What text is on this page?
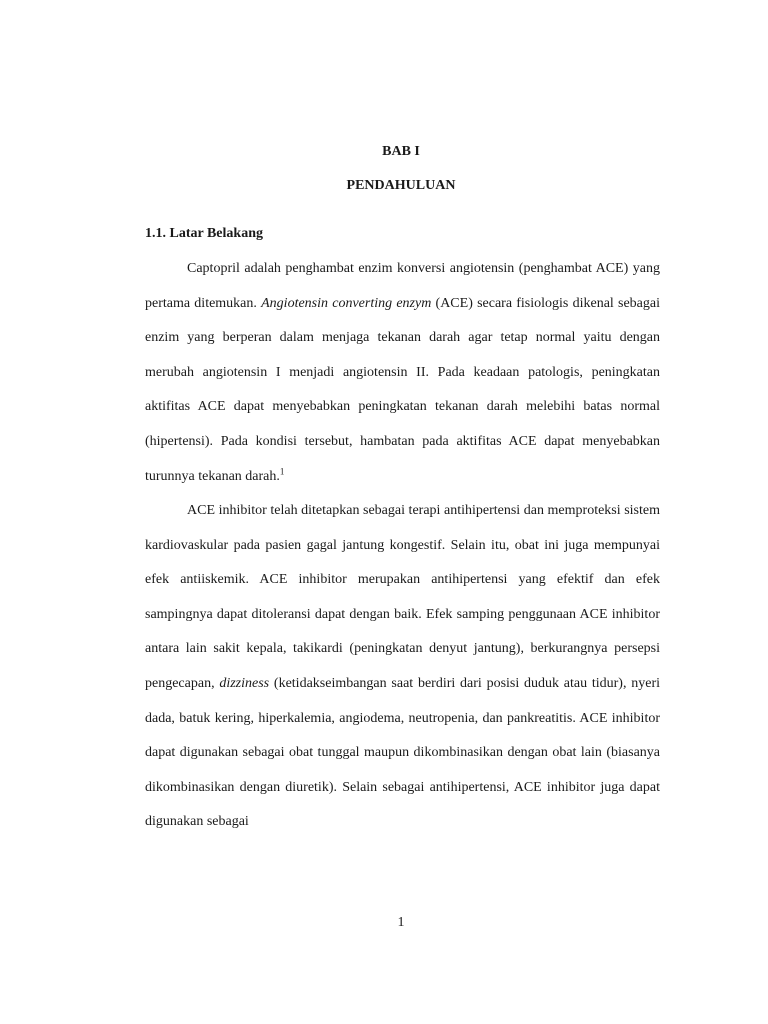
BAB I
PENDAHULUAN
1.1. Latar Belakang

Captopril adalah penghambat enzim konversi angiotensin (penghambat ACE) yang pertama ditemukan. Angiotensin converting enzym (ACE) secara fisiologis dikenal sebagai enzim yang berperan dalam menjaga tekanan darah agar tetap normal yaitu dengan merubah angiotensin I menjadi angiotensin II. Pada keadaan patologis, peningkatan aktifitas ACE dapat menyebabkan peningkatan tekanan darah melebihi batas normal (hipertensi). Pada kondisi tersebut, hambatan pada aktifitas ACE dapat menyebabkan turunnya tekanan darah.$^1$

ACE inhibitor telah ditetapkan sebagai terapi antihipertensi dan memproteksi sistem kardiovaskular pada pasien gagal jantung kongestif. Selain itu, obat ini juga mempunyai efek antiiskemik. ACE inhibitor merupakan antihipertensi yang efektif dan efek sampingnya dapat ditoleransi dapat dengan baik. Efek samping penggunaan ACE inhibitor antara lain sakit kepala, takikardi (peningkatan denyut jantung), berkurangnya persepsi pengecapan, dizziness (ketidakseimbangan saat berdiri dari posisi duduk atau tidur), nyeri dada, batuk kering, hiperkalemia, angiodema, neutropenia, dan pankreatitis. ACE inhibitor dapat digunakan sebagai obat tunggal maupun dikombinasikan dengan obat lain (biasanya dikombinasikan dengan diuretik). Selain sebagai antihipertensi, ACE inhibitor juga dapat digunakan sebagai

1
